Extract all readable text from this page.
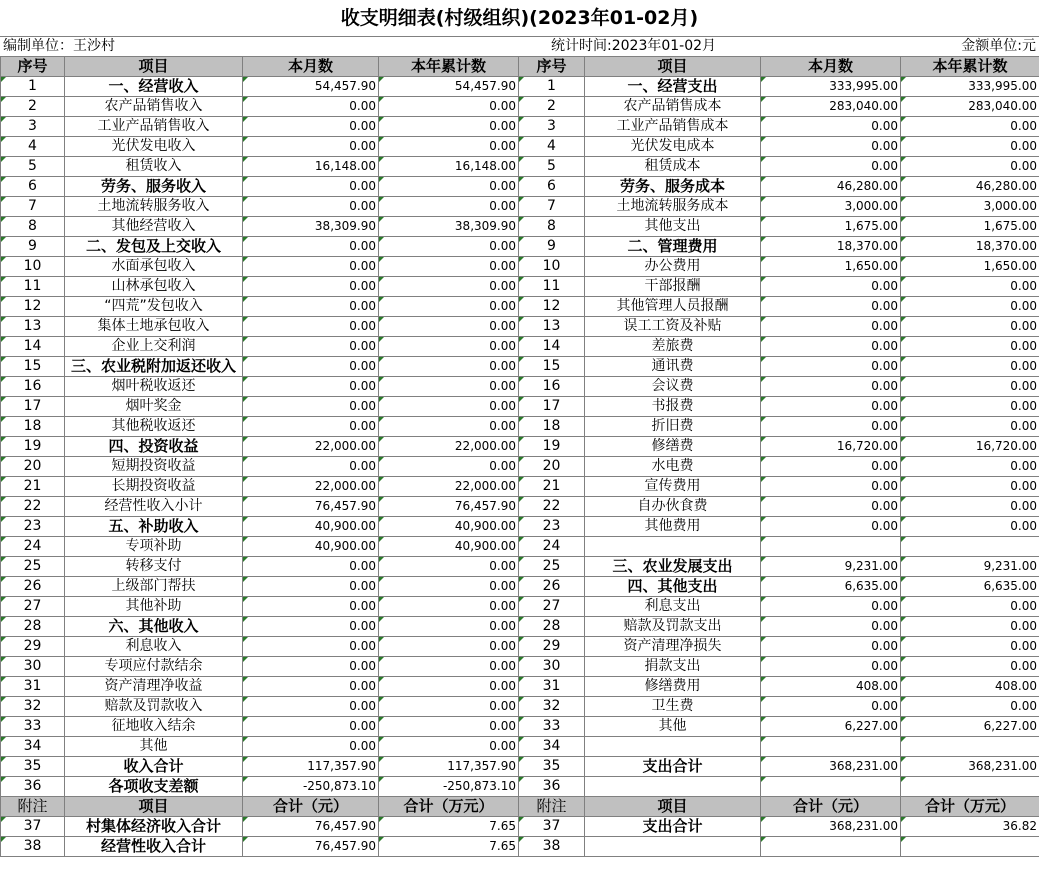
收支明细表(村级组织)(2023年01-02月)
编制单位：王沙村	统计时间:2023年01-02月	金额单位:元
序号	项目	本月数	本年累计数	序号	项目	本月数	本年累计数
1	一、经营收入	54,457.90	54,457.90	1	一、经营支出	333,995.00	333,995.00
2	农产品销售收入	0.00	0.00	2	农产品销售成本	283,040.00	283,040.00
3	工业产品销售收入	0.00	0.00	3	工业产品销售成本	0.00	0.00
4	光伏发电收入	0.00	0.00	4	光伏发电成本	0.00	0.00
5	租赁收入	16,148.00	16,148.00	5	租赁成本	0.00	0.00
6	劳务、服务收入	0.00	0.00	6	劳务、服务成本	46,280.00	46,280.00
7	土地流转服务收入	0.00	0.00	7	土地流转服务成本	3,000.00	3,000.00
8	其他经营收入	38,309.90	38,309.90	8	其他支出	1,675.00	1,675.00
9	二、发包及上交收入	0.00	0.00	9	二、管理费用	18,370.00	18,370.00
10	水面承包收入	0.00	0.00	10	办公费用	1,650.00	1,650.00
11	山林承包收入	0.00	0.00	11	干部报酬	0.00	0.00
12	“四荒”发包收入	0.00	0.00	12	其他管理人员报酬	0.00	0.00
13	集体土地承包收入	0.00	0.00	13	误工工资及补贴	0.00	0.00
14	企业上交利润	0.00	0.00	14	差旅费	0.00	0.00
15	三、农业税附加返还收入	0.00	0.00	15	通讯费	0.00	0.00
16	烟叶税收返还	0.00	0.00	16	会议费	0.00	0.00
17	烟叶奖金	0.00	0.00	17	书报费	0.00	0.00
18	其他税收返还	0.00	0.00	18	折旧费	0.00	0.00
19	四、投资收益	22,000.00	22,000.00	19	修缮费	16,720.00	16,720.00
20	短期投资收益	0.00	0.00	20	水电费	0.00	0.00
21	长期投资收益	22,000.00	22,000.00	21	宣传费用	0.00	0.00
22	经营性收入小计	76,457.90	76,457.90	22	自办伙食费	0.00	0.00
23	五、补助收入	40,900.00	40,900.00	23	其他费用	0.00	0.00
24	专项补助	40,900.00	40,900.00	24			
25	转移支付	0.00	0.00	25	三、农业发展支出	9,231.00	9,231.00
26	上级部门帮扶	0.00	0.00	26	四、其他支出	6,635.00	6,635.00
27	其他补助	0.00	0.00	27	利息支出	0.00	0.00
28	六、其他收入	0.00	0.00	28	赔款及罚款支出	0.00	0.00
29	利息收入	0.00	0.00	29	资产清理净损失	0.00	0.00
30	专项应付款结余	0.00	0.00	30	捐款支出	0.00	0.00
31	资产清理净收益	0.00	0.00	31	修缮费用	408.00	408.00
32	赔款及罚款收入	0.00	0.00	32	卫生费	0.00	0.00
33	征地收入结余	0.00	0.00	33	其他	6,227.00	6,227.00
34	其他	0.00	0.00	34			
35	收入合计	117,357.90	117,357.90	35	支出合计	368,231.00	368,231.00
36	各项收支差额	-250,873.10	-250,873.10	36			
附注	项目	合计（元）	合计（万元）	附注	项目	合计（元）	合计（万元）
37	村集体经济收入合计	76,457.90	7.65	37	支出合计	368,231.00	36.82
38	经营性收入合计	76,457.90	7.65	38			
